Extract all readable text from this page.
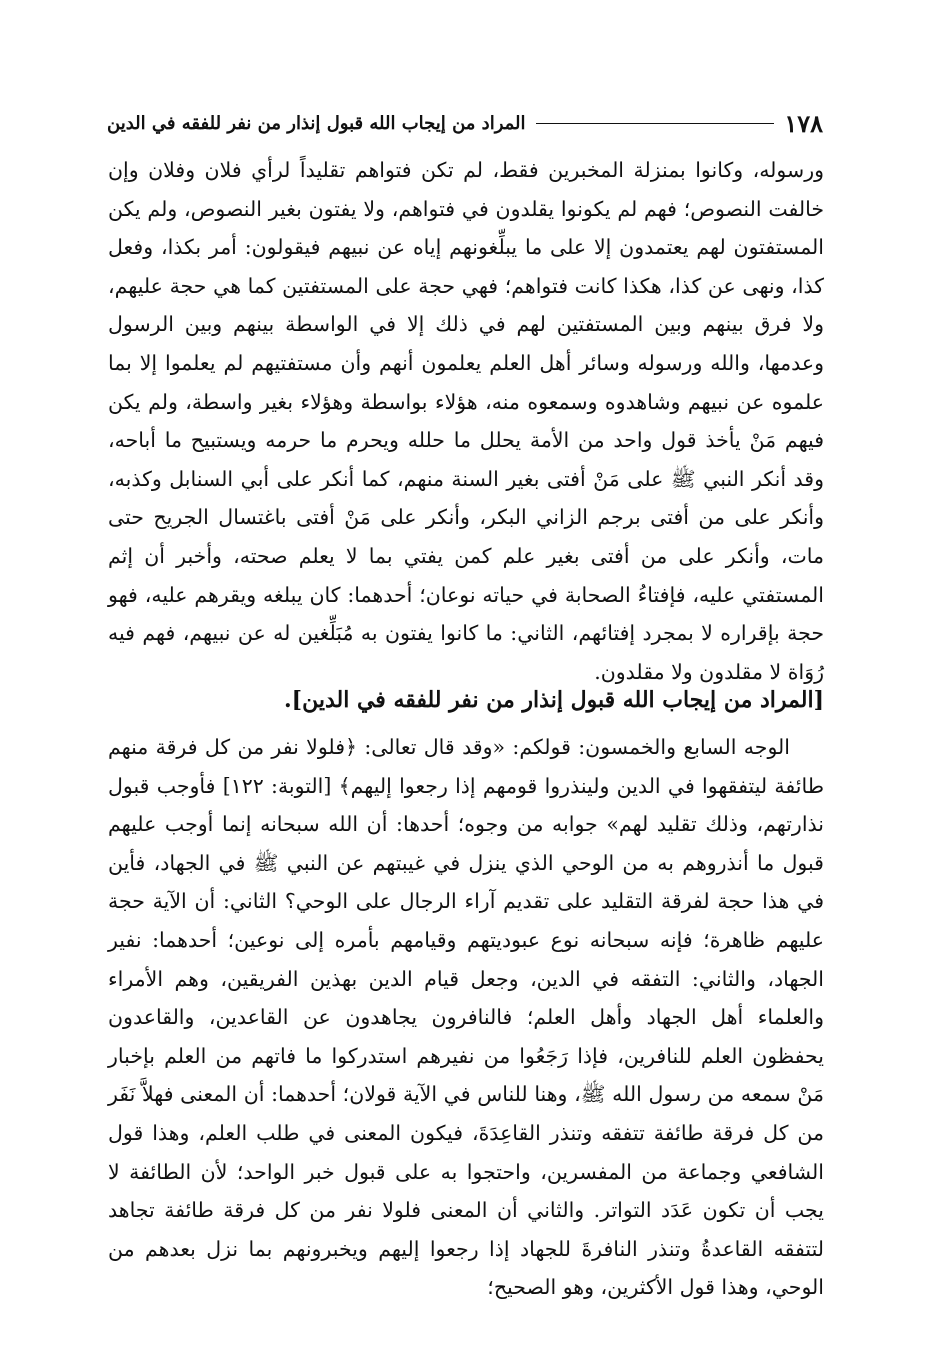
١٧٨
المراد من إيجاب الله قبول إنذار من نفر للفقه في الدين

ورسوله، وكانوا بمنزلة المخبرين فقط، لم تكن فتواهم تقليداً لرأي فلان وفلان وإن خالفت النصوص؛ فهم لم يكونوا يقلدون في فتواهم، ولا يفتون بغير النصوص، ولم يكن المستفتون لهم يعتمدون إلا على ما يبلِّغونهم إياه عن نبيهم فيقولون: أمر بكذا، وفعل كذا، ونهى عن كذا، هكذا كانت فتواهم؛ فهي حجة على المستفتين كما هي حجة عليهم، ولا فرق بينهم وبين المستفتين لهم في ذلك إلا في الواسطة بينهم وبين الرسول وعدمها، والله ورسوله وسائر أهل العلم يعلمون أنهم وأن مستفتيهم لم يعلموا إلا بما علموه عن نبيهم وشاهدوه وسمعوه منه، هؤلاء بواسطة وهؤلاء بغير واسطة، ولم يكن فيهم مَنْ يأخذ قول واحد من الأمة يحلل ما حلله ويحرم ما حرمه ويستبيح ما أباحه، وقد أنكر النبي ﷺ على مَنْ أفتى بغير السنة منهم، كما أنكر على أبي السنابل وكذبه، وأنكر على من أفتى برجم الزاني البكر، وأنكر على مَنْ أفتى باغتسال الجريح حتى مات، وأنكر على من أفتى بغير علم كمن يفتي بما لا يعلم صحته، وأخبر أن إثم المستفتي عليه، فإفتاءُ الصحابة في حياته نوعان؛ أحدهما: كان يبلغه ويقرهم عليه، فهو حجة بإقراره لا بمجرد إفتائهم، الثاني: ما كانوا يفتون به مُبَلِّغين له عن نبيهم، فهم فيه رُوَاة لا مقلدون ولا مقلدون.

[المراد من إيجاب الله قبول إنذار من نفر للفقه في الدين].

الوجه السابع والخمسون: قولكم: «وقد قال تعالى: ﴿فلولا نفر من كل فرقة منهم طائفة ليتفقهوا في الدين ولينذروا قومهم إذا رجعوا إليهم﴾ [التوبة: ١٢٢] فأوجب قبول نذارتهم، وذلك تقليد لهم» جوابه من وجوه؛ أحدها: أن الله سبحانه إنما أوجب عليهم قبول ما أنذروهم به من الوحي الذي ينزل في غيبتهم عن النبي ﷺ في الجهاد، فأين في هذا حجة لفرقة التقليد على تقديم آراء الرجال على الوحي؟ الثاني: أن الآية حجة عليهم ظاهرة؛ فإنه سبحانه نوع عبوديتهم وقيامهم بأمره إلى نوعين؛ أحدهما: نفير الجهاد، والثاني: التفقه في الدين، وجعل قيام الدين بهذين الفريقين، وهم الأمراء والعلماء أهل الجهاد وأهل العلم؛ فالنافرون يجاهدون عن القاعدين، والقاعدون يحفظون العلم للنافرين، فإذا رَجَعُوا من نفيرهم استدركوا ما فاتهم من العلم بإخبار مَنْ سمعه من رسول الله ﷺ، وهنا للناس في الآية قولان؛ أحدهما: أن المعنى فهلاَّ نَفَر من كل فرقة طائفة تتفقه وتنذر القاعِدَةَ، فيكون المعنى في طلب العلم، وهذا قول الشافعي وجماعة من المفسرين، واحتجوا به على قبول خبر الواحد؛ لأن الطائفة لا يجب أن تكون عَدَد التواتر. والثاني أن المعنى فلولا نفر من كل فرقة طائفة تجاهد لتتفقه القاعدةُ وتنذر النافرةَ للجهاد إذا رجعوا إليهم ويخبرونهم بما نزل بعدهم من الوحي، وهذا قول الأكثرين، وهو الصحيح؛
